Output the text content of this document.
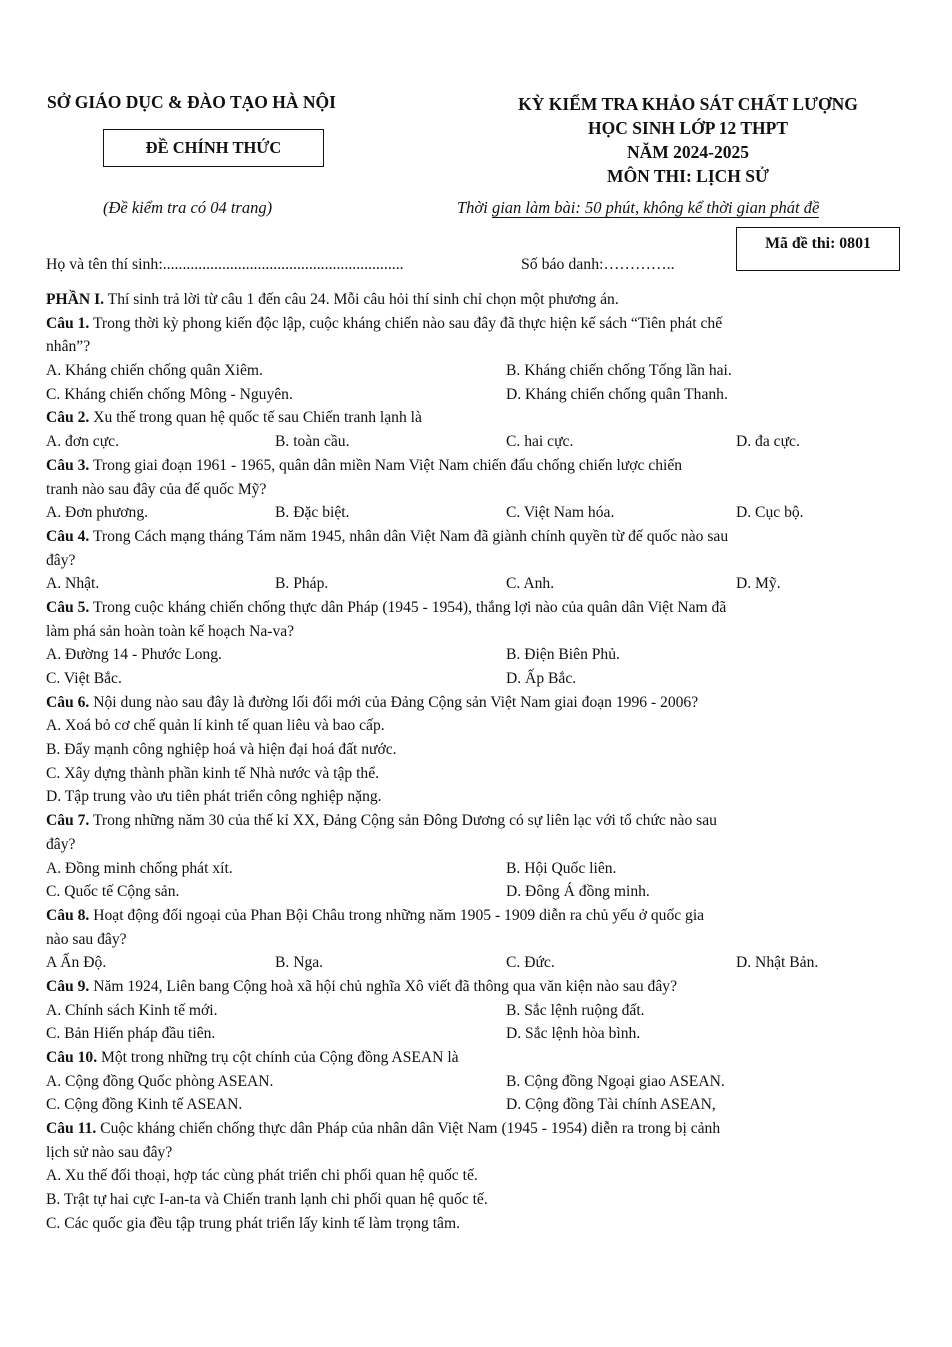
SỞ GIÁO DỤC & ĐÀO TẠO HÀ NỘI
ĐỀ CHÍNH THỨC
(Đề kiểm tra có 04 trang)
KỲ KIỂM TRA KHẢO SÁT CHẤT LƯỢNG
HỌC SINH LỚP 12 THPT
NĂM 2024-2025
MÔN THI: LỊCH SỬ
Thời gian làm bài: 50 phút, không kể thời gian phát đề
Mã đề thi: 0801
Họ và tên thí sinh:.............................................................	Số báo danh:…………..
PHẦN I. Thí sinh trả lời từ câu 1 đến câu 24. Mỗi câu hỏi thí sinh chỉ chọn một phương án.
Câu 1. Trong thời kỳ phong kiến độc lập, cuộc kháng chiến nào sau đây đã thực hiện kế sách “Tiên phát chế
nhân”?
A. Kháng chiến chống quân Xiêm.	B. Kháng chiến chống Tống lần hai.
C. Kháng chiến chống Mông - Nguyên.	D. Kháng chiến chống quân Thanh.
Câu 2. Xu thế trong quan hệ quốc tế sau Chiến tranh lạnh là
A. đơn cực.	B. toàn cầu.	C. hai cực.	D. đa cực.
Câu 3. Trong giai đoạn 1961 - 1965, quân dân miền Nam Việt Nam chiến đấu chống chiến lược chiến
tranh nào sau đây của đế quốc Mỹ?
A. Đơn phương.	B. Đặc biệt.	C. Việt Nam hóa.	D. Cục bộ.
Câu 4. Trong Cách mạng tháng Tám năm 1945, nhân dân Việt Nam đã giành chính quyền từ đế quốc nào sau
đây?
A. Nhật.	B. Pháp.	C. Anh.	D. Mỹ.
Câu 5. Trong cuộc kháng chiến chống thực dân Pháp (1945 - 1954), thắng lợi nào của quân dân Việt Nam đã
làm phá sản hoàn toàn kế hoạch Na-va?
A. Đường 14 - Phước Long.	B. Điện Biên Phủ.
C. Việt Bắc.	D. Ấp Bắc.
Câu 6. Nội dung nào sau đây là đường lối đổi mới của Đảng Cộng sản Việt Nam giai đoạn 1996 - 2006?
A. Xoá bỏ cơ chế quản lí kinh tế quan liêu và bao cấp.
B. Đẩy mạnh công nghiệp hoá và hiện đại hoá đất nước.
C. Xây dựng thành phần kinh tế Nhà nước và tập thể.
D. Tập trung vào ưu tiên phát triển công nghiệp nặng.
Câu 7. Trong những năm 30 của thế kỉ XX, Đảng Cộng sản Đông Dương có sự liên lạc với tổ chức nào sau
đây?
A. Đồng minh chống phát xít.	B. Hội Quốc liên.
C. Quốc tế Cộng sản.	D. Đông Á đồng minh.
Câu 8. Hoạt động đối ngoại của Phan Bội Châu trong những năm 1905 - 1909 diễn ra chủ yếu ở quốc gia
nào sau đây?
A Ấn Độ.	B. Nga.	C. Đức.	D. Nhật Bản.
Câu 9. Năm 1924, Liên bang Cộng hoà xã hội chủ nghĩa Xô viết đã thông qua văn kiện nào sau đây?
A. Chính sách Kinh tế mới.	B. Sắc lệnh ruộng đất.
C. Bản Hiến pháp đầu tiên.	D. Sắc lệnh hòa bình.
Câu 10. Một trong những trụ cột chính của Cộng đồng ASEAN là
A. Cộng đồng Quốc phòng ASEAN.	B. Cộng đồng Ngoại giao ASEAN.
C. Cộng đồng Kinh tế ASEAN.	D. Cộng đồng Tài chính ASEAN,
Câu 11. Cuộc kháng chiến chống thực dân Pháp của nhân dân Việt Nam (1945 - 1954) diễn ra trong bị cảnh
lịch sử nào sau đây?
A. Xu thế đối thoại, hợp tác cùng phát triển chi phối quan hệ quốc tế.
B. Trật tự hai cực I-an-ta và Chiến tranh lạnh chi phối quan hệ quốc tế.
C. Các quốc gia đều tập trung phát triển lấy kinh tế làm trọng tâm.
